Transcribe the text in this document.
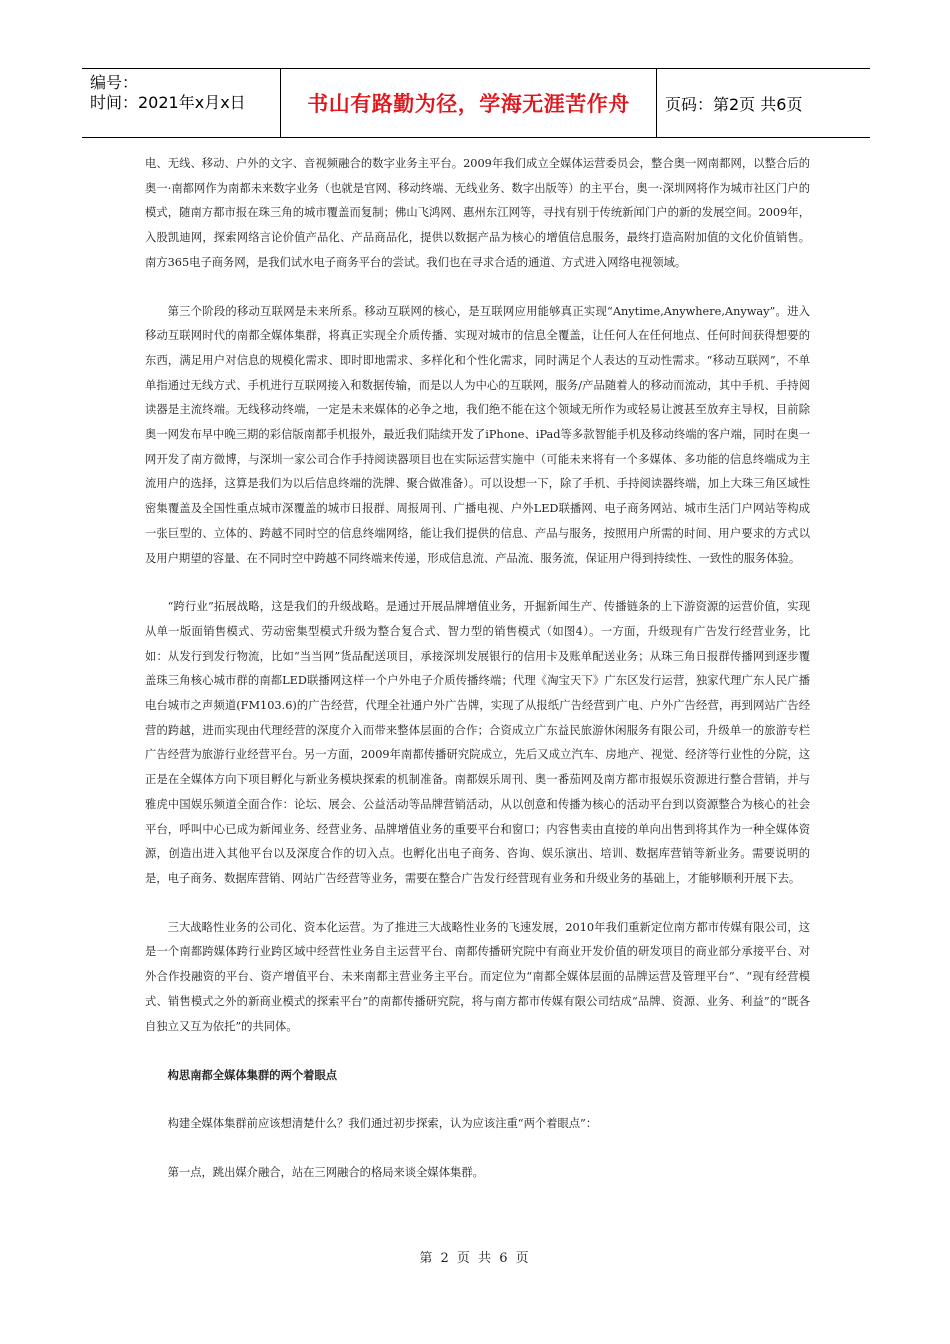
编号：
时间：2021年x月x日	书山有路勤为径，学海无涯苦作舟	页码：第2页 共6页

电、无线、移动、户外的文字、音视频融合的数字业务主平台。2009年我们成立全媒体运营委员会，整合奥一网南都网，以整合后的奥一·南都网作为南都未来数字业务（也就是官网、移动终端、无线业务、数字出版等）的主平台，奥一·深圳网将作为城市社区门户的模式，随南方都市报在珠三角的城市覆盖而复制；佛山飞鸿网、惠州东江网等，寻找有别于传统新闻门户的新的发展空间。2009年，入股凯迪网，探索网络言论价值产品化、产品商品化，提供以数据产品为核心的增值信息服务，最终打造高附加值的文化价值销售。南方365电子商务网，是我们试水电子商务平台的尝试。我们也在寻求合适的通道、方式进入网络电视领域。

第三个阶段的移动互联网是未来所系。移动互联网的核心，是互联网应用能够真正实现“Anytime,Anywhere,Anyway”。进入移动互联网时代的南都全媒体集群，将真正实现全介质传播、实现对城市的信息全覆盖，让任何人在任何地点、任何时间获得想要的东西，满足用户对信息的规模化需求、即时即地需求、多样化和个性化需求，同时满足个人表达的互动性需求。“移动互联网”，不单单指通过无线方式、手机进行互联网接入和数据传输，而是以人为中心的互联网，服务/产品随着人的移动而流动，其中手机、手持阅读器是主流终端。无线移动终端，一定是未来媒体的必争之地，我们绝不能在这个领域无所作为或轻易让渡甚至放弃主导权，目前除奥一网发布早中晚三期的彩信版南都手机报外，最近我们陆续开发了iPhone、iPad等多款智能手机及移动终端的客户端，同时在奥一网开发了南方微博，与深圳一家公司合作手持阅读器项目也在实际运营实施中（可能未来将有一个多媒体、多功能的信息终端成为主流用户的选择，这算是我们为以后信息终端的洗牌、聚合做准备）。可以设想一下，除了手机、手持阅读器终端，加上大珠三角区域性密集覆盖及全国性重点城市深覆盖的城市日报群、周报周刊、广播电视、户外LED联播网、电子商务网站、城市生活门户网站等构成一张巨型的、立体的、跨越不同时空的信息终端网络，能让我们提供的信息、产品与服务，按照用户所需的时间、用户要求的方式以及用户期望的容量、在不同时空中跨越不同终端来传递，形成信息流、产品流、服务流，保证用户得到持续性、一致性的服务体验。

“跨行业”拓展战略，这是我们的升级战略。是通过开展品牌增值业务，开掘新闻生产、传播链条的上下游资源的运营价值，实现从单一版面销售模式、劳动密集型模式升级为整合复合式、智力型的销售模式（如图4）。一方面，升级现有广告发行经营业务，比如：从发行到发行物流，比如“当当网”货品配送项目，承接深圳发展银行的信用卡及账单配送业务；从珠三角日报群传播网到逐步覆盖珠三角核心城市群的南都LED联播网这样一个户外电子介质传播终端；代理《淘宝天下》广东区发行运营，独家代理广东人民广播电台城市之声频道(FM103.6)的广告经营，代理全社通户外广告牌，实现了从报纸广告经营到广电、户外广告经营，再到网站广告经营的跨越，进而实现由代理经营的深度介入而带来整体层面的合作；合资成立广东益民旅游休闲服务有限公司，升级单一的旅游专栏广告经营为旅游行业经营平台。另一方面，2009年南都传播研究院成立，先后又成立汽车、房地产、视觉、经济等行业性的分院，这正是在全媒体方向下项目孵化与新业务模块探索的机制准备。南都娱乐周刊、奥一番茄网及南方都市报娱乐资源进行整合营销，并与雅虎中国娱乐频道全面合作：论坛、展会、公益活动等品牌营销活动，从以创意和传播为核心的活动平台到以资源整合为核心的社会平台，呼叫中心已成为新闻业务、经营业务、品牌增值业务的重要平台和窗口；内容售卖由直接的单向出售到将其作为一种全媒体资源，创造出进入其他平台以及深度合作的切入点。也孵化出电子商务、咨询、娱乐演出、培训、数据库营销等新业务。需要说明的是，电子商务、数据库营销、网站广告经营等业务，需要在整合广告发行经营现有业务和升级业务的基础上，才能够顺利开展下去。

三大战略性业务的公司化、资本化运营。为了推进三大战略性业务的飞速发展，2010年我们重新定位南方都市传媒有限公司，这是一个南都跨媒体跨行业跨区域中经营性业务自主运营平台、南都传播研究院中有商业开发价值的研发项目的商业部分承接平台、对外合作投融资的平台、资产增值平台、未来南都主营业务主平台。而定位为“南都全媒体层面的品牌运营及管理平台”、“现有经营模式、销售模式之外的新商业模式的探索平台”的南都传播研究院，将与南方都市传媒有限公司结成“品牌、资源、业务、利益”的“既各自独立又互为依托”的共同体。

构思南都全媒体集群的两个着眼点

构建全媒体集群前应该想清楚什么？我们通过初步探索，认为应该注重“两个着眼点”：

第一点，跳出媒介融合，站在三网融合的格局来谈全媒体集群。

第 2 页 共 6 页
